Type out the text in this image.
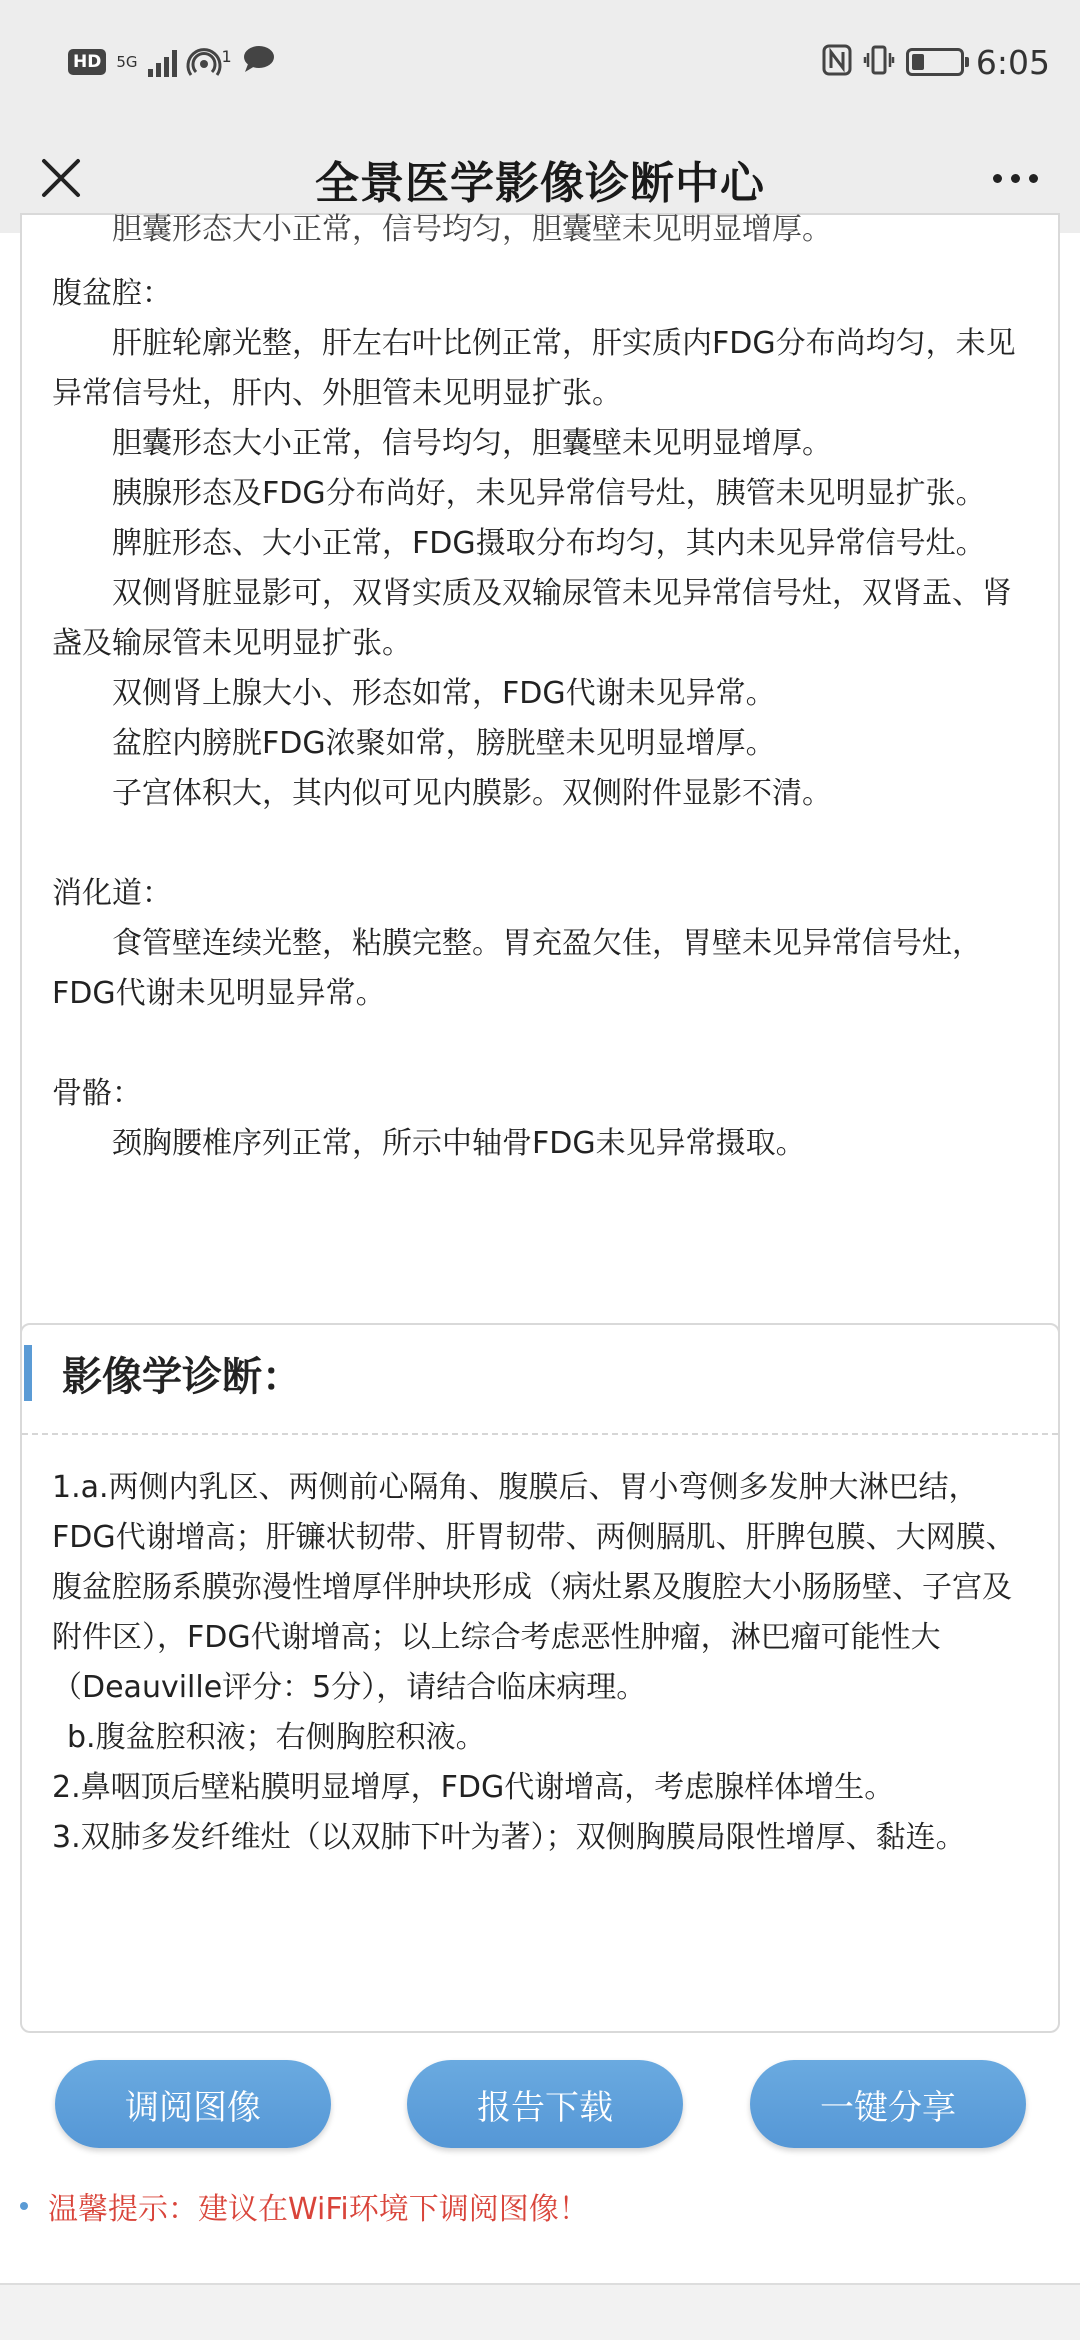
HD	5G	1	6:05
全景医学影像诊断中心
胆囊形态大小正常，信号均匀，胆囊壁未见明显增厚。
腹盆腔：
肝脏轮廓光整，肝左右叶比例正常，肝实质内FDG分布尚均匀，未见异常信号灶，肝内、外胆管未见明显扩张。
胆囊形态大小正常，信号均匀，胆囊壁未见明显增厚。
胰腺形态及FDG分布尚好，未见异常信号灶，胰管未见明显扩张。
脾脏形态、大小正常，FDG摄取分布均匀，其内未见异常信号灶。
双侧肾脏显影可，双肾实质及双输尿管未见异常信号灶，双肾盂、肾盏及输尿管未见明显扩张。
双侧肾上腺大小、形态如常，FDG代谢未见异常。
盆腔内膀胱FDG浓聚如常，膀胱壁未见明显增厚。
子宫体积大，其内似可见内膜影。双侧附件显影不清。
消化道：
食管壁连续光整，粘膜完整。胃充盈欠佳，胃壁未见异常信号灶，FDG代谢未见明显异常。
骨骼：
颈胸腰椎序列正常，所示中轴骨FDG未见异常摄取。
影像学诊断：
1.a.两侧内乳区、两侧前心隔角、腹膜后、胃小弯侧多发肿大淋巴结，FDG代谢增高；肝镰状韧带、肝胃韧带、两侧膈肌、肝脾包膜、大网膜、腹盆腔肠系膜弥漫性增厚伴肿块形成（病灶累及腹腔大小肠肠壁、子宫及附件区），FDG代谢增高；以上综合考虑恶性肿瘤，淋巴瘤可能性大（Deauville评分：5分），请结合临床病理。
b.腹盆腔积液；右侧胸腔积液。
2.鼻咽顶后壁粘膜明显增厚，FDG代谢增高，考虑腺样体增生。
3.双肺多发纤维灶（以双肺下叶为著）；双侧胸膜局限性增厚、黏连。
调阅图像	报告下载	一键分享
温馨提示：建议在WiFi环境下调阅图像！
